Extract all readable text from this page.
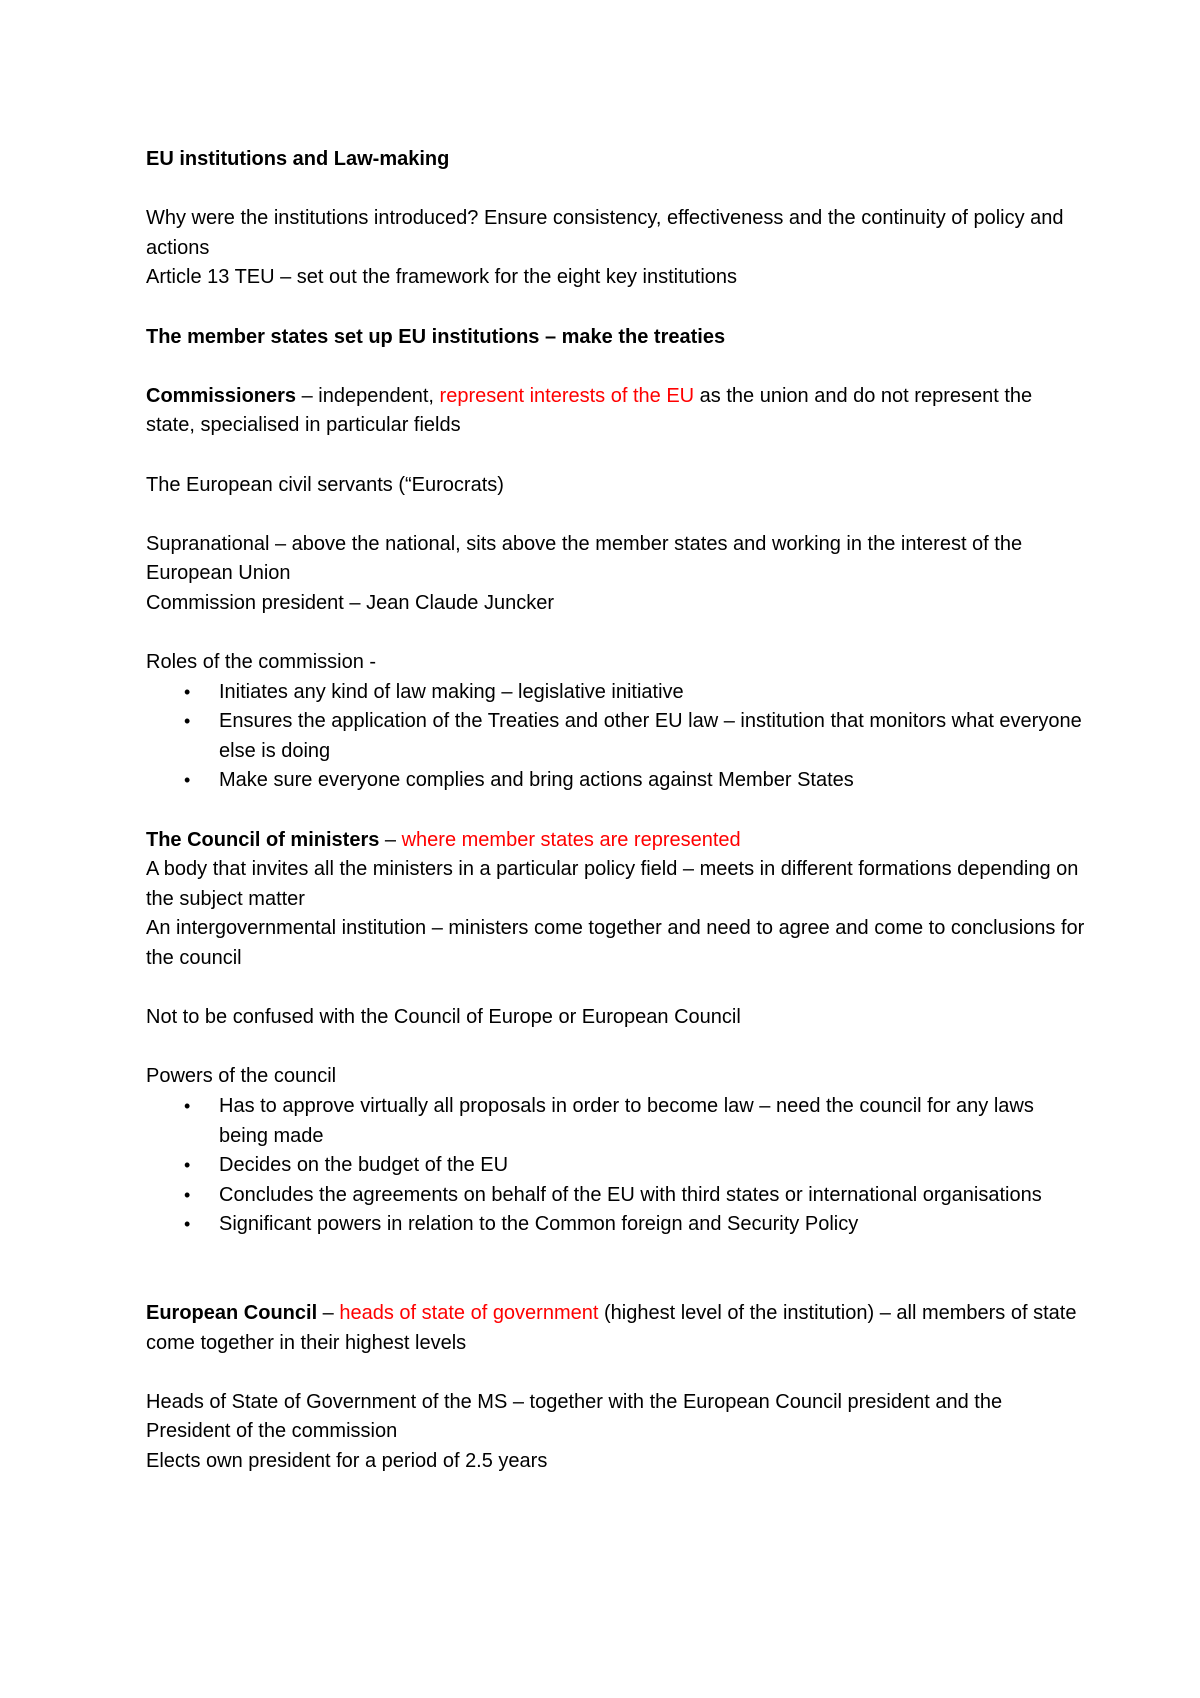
EU institutions and Law-making

Why were the institutions introduced? Ensure consistency, effectiveness and the continuity of policy and actions

Article 13 TEU – set out the framework for the eight key institutions

The member states set up EU institutions – make the treaties

Commissioners – independent, represent interests of the EU as the union and do not represent the state, specialised in particular fields

The European civil servants (“Eurocrats)

Supranational – above the national, sits above the member states and working in the interest of the European Union

Commission president – Jean Claude Juncker

Roles of the commission -

• Initiates any kind of law making – legislative initiative
• Ensures the application of the Treaties and other EU law – institution that monitors what everyone else is doing
• Make sure everyone complies and bring actions against Member States

The Council of ministers – where member states are represented

A body that invites all the ministers in a particular policy field – meets in different formations depending on the subject matter

An intergovernmental institution – ministers come together and need to agree and come to conclusions for the council

Not to be confused with the Council of Europe or European Council

Powers of the council

• Has to approve virtually all proposals in order to become law – need the council for any laws being made
• Decides on the budget of the EU
• Concludes the agreements on behalf of the EU with third states or international organisations
• Significant powers in relation to the Common foreign and Security Policy

European Council – heads of state of government (highest level of the institution) – all members of state come together in their highest levels

Heads of State of Government of the MS – together with the European Council president and the President of the commission

Elects own president for a period of 2.5 years
